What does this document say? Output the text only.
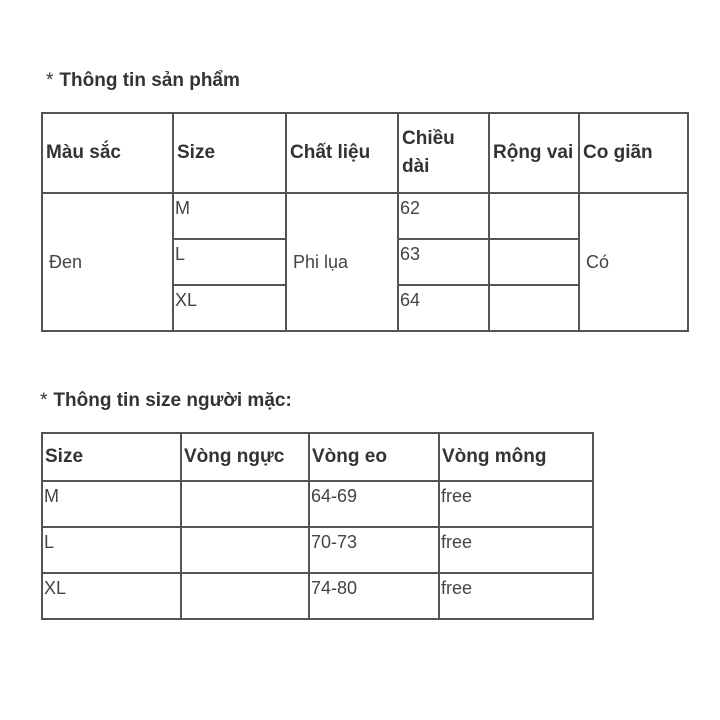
* Thông tin sản phẩm
Màu sắc	Size	Chất liệu	Chiều dài	Rộng vai	Co giãn

Đen	M	Phi lụa	62		Có

	L		63		

	XL		64		

* Thông tin size người mặc:
Size	Vòng ngực	Vòng eo	Vòng mông

M		64-69	free

L		70-73	free

XL		74-80	free
